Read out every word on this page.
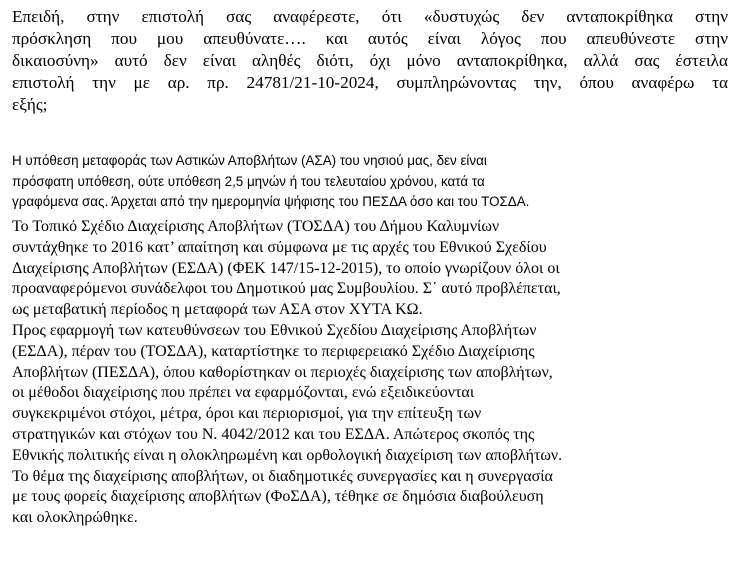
Επειδή, στην επιστολή σας αναφέρεστε, ότι «δυστυχώς δεν ανταποκρίθηκα στην
πρόσκληση που μου απευθύνατε…. και αυτός είναι λόγος που απευθύνεστε στην
δικαιοσύνη» αυτό δεν είναι αληθές διότι, όχι μόνο ανταποκρίθηκα, αλλά σας έστειλα
επιστολή την με αρ. πρ. 24781/21-10-2024, συμπληρώνοντας την, όπου αναφέρω τα
εξής;
Η υπόθεση μεταφοράς των Αστικών Αποβλήτων (ΑΣΑ) του νησιού μας, δεν είναι
πρόσφατη υπόθεση, ούτε υπόθεση 2,5 μηνών ή του τελευταίου χρόνου, κατά τα
γραφόμενα σας. Άρχεται από την ημερομηνία ψήφισης του ΠΕΣΔΑ όσο και του ΤΟΣΔΑ.
Το Τοπικό Σχέδιο Διαχείρισης Αποβλήτων (ΤΟΣΔΑ) του Δήμου Καλυμνίων
συντάχθηκε το 2016 κατ’ απαίτηση και σύμφωνα με τις αρχές του Εθνικού Σχεδίου
Διαχείρισης Αποβλήτων (ΕΣΔΑ) (ΦΕΚ 147/15-12-2015), το οποίο γνωρίζουν όλοι οι
προαναφερόμενοι συνάδελφοι του Δημοτικού μας Συμβουλίου. Σ΄ αυτό προβλέπεται,
ως μεταβατική περίοδος η μεταφορά των ΑΣΑ στον ΧΥΤΑ ΚΩ.
Προς εφαρμογή των κατευθύνσεων του Εθνικού Σχεδίου Διαχείρισης Αποβλήτων
(ΕΣΔΑ), πέραν του (ΤΟΣΔΑ), καταρτίστηκε το περιφερειακό Σχέδιο Διαχείρισης
Αποβλήτων (ΠΕΣΔΑ), όπου καθορίστηκαν οι περιοχές διαχείρισης των αποβλήτων,
οι μέθοδοι διαχείρισης που πρέπει να εφαρμόζονται, ενώ εξειδικεύονται
συγκεκριμένοι στόχοι, μέτρα, όροι και περιορισμοί, για την επίτευξη των
στρατηγικών και στόχων του Ν. 4042/2012 και του ΕΣΔΑ. Απώτερος σκοπός της
Εθνικής πολιτικής είναι η ολοκληρωμένη και ορθολογική διαχείριση των αποβλήτων.
Το θέμα της διαχείρισης αποβλήτων, οι διαδημοτικές συνεργασίες και η συνεργασία
με τους φορείς διαχείρισης αποβλήτων (ΦοΣΔΑ), τέθηκε σε δημόσια διαβούλευση
και ολοκληρώθηκε.
